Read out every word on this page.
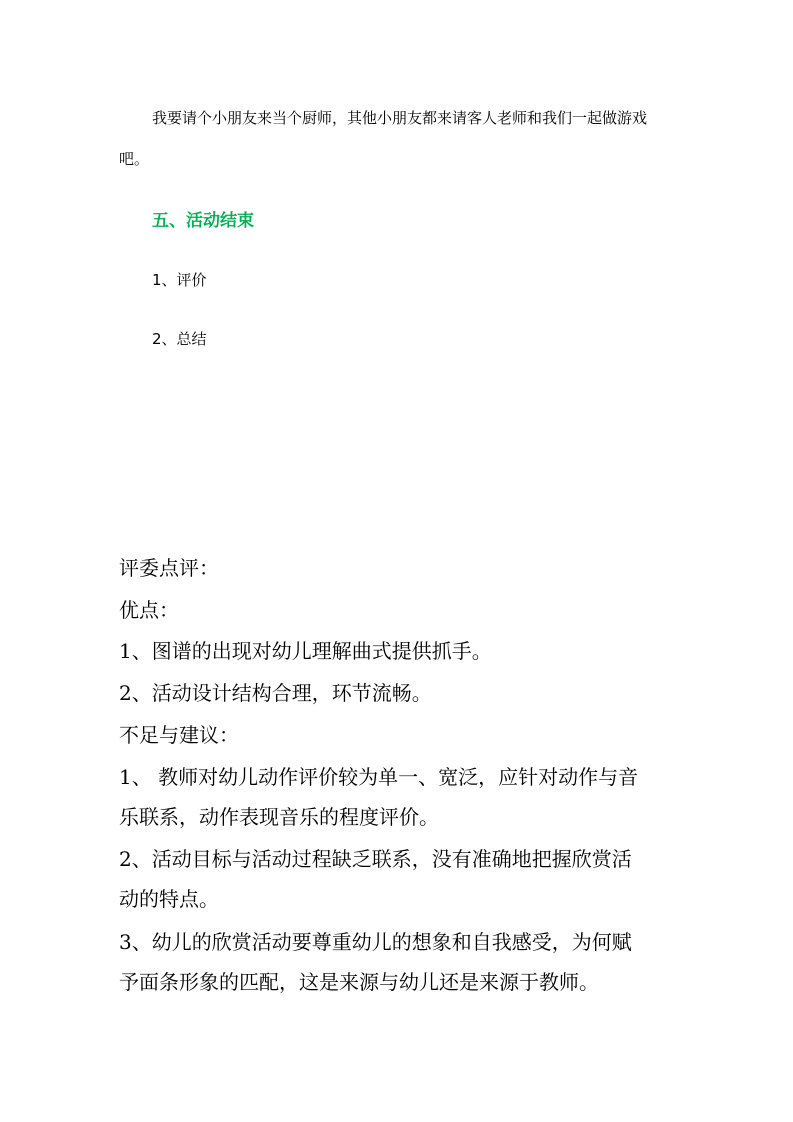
我要请个小朋友来当个厨师，其他小朋友都来请客人老师和我们一起做游戏
吧。
五、活动结束
1、评价
2、总结
评委点评：
优点：
1、图谱的出现对幼儿理解曲式提供抓手。
2、活动设计结构合理，环节流畅。
不足与建议：
1、 教师对幼儿动作评价较为单一、宽泛，应针对动作与音
乐联系，动作表现音乐的程度评价。
2、活动目标与活动过程缺乏联系，没有准确地把握欣赏活
动的特点。
3、幼儿的欣赏活动要尊重幼儿的想象和自我感受，为何赋
予面条形象的匹配，这是来源与幼儿还是来源于教师。
